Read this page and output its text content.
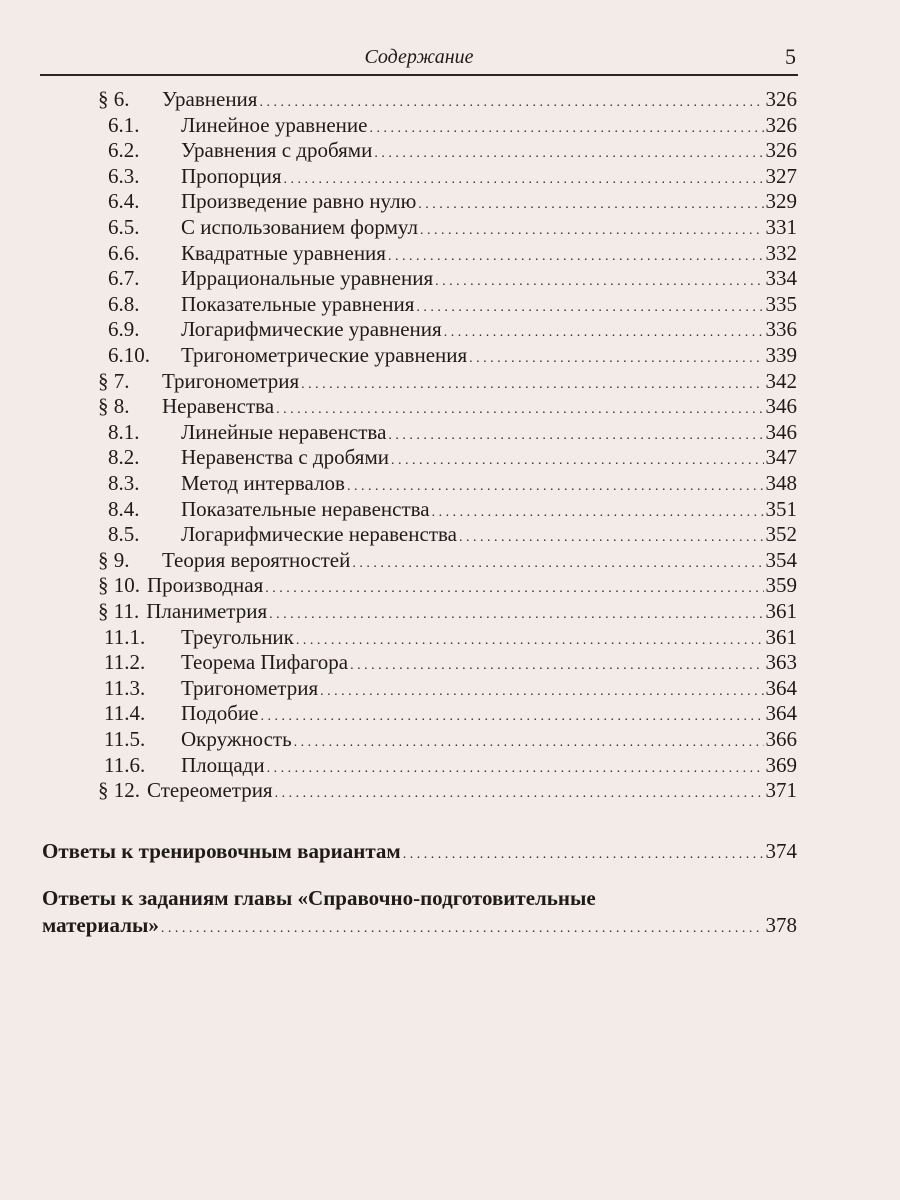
Содержание	5
§ 6.	Уравнения . . .	326
6.1.	Линейное уравнение . . .	326
6.2.	Уравнения с дробями . . .	326
6.3.	Пропорция . . .	327
6.4.	Произведение равно нулю . . .	329
6.5.	С использованием формул . . .	331
6.6.	Квадратные уравнения . . .	332
6.7.	Иррациональные уравнения . . .	334
6.8.	Показательные уравнения . . .	335
6.9.	Логарифмические уравнения . . .	336
6.10.	Тригонометрические уравнения . . .	339
§ 7.	Тригонометрия . . .	342
§ 8.	Неравенства . . .	346
8.1.	Линейные неравенства . . .	346
8.2.	Неравенства с дробями . . .	347
8.3.	Метод интервалов . . .	348
8.4.	Показательные неравенства . . .	351
8.5.	Логарифмические неравенства . . .	352
§ 9.	Теория вероятностей . . .	354
§ 10. Производная . . .	359
§ 11. Планиметрия . . .	361
11.1.	Треугольник . . .	361
11.2.	Теорема Пифагора . . .	363
11.3.	Тригонометрия . . .	364
11.4.	Подобие . . .	364
11.5.	Окружность . . .	366
11.6.	Площади . . .	369
§ 12. Стереометрия . . .	371
Ответы к тренировочным вариантам . . .	374
Ответы к заданиям главы «Справочно-подготовительные
материалы» . . .	378
